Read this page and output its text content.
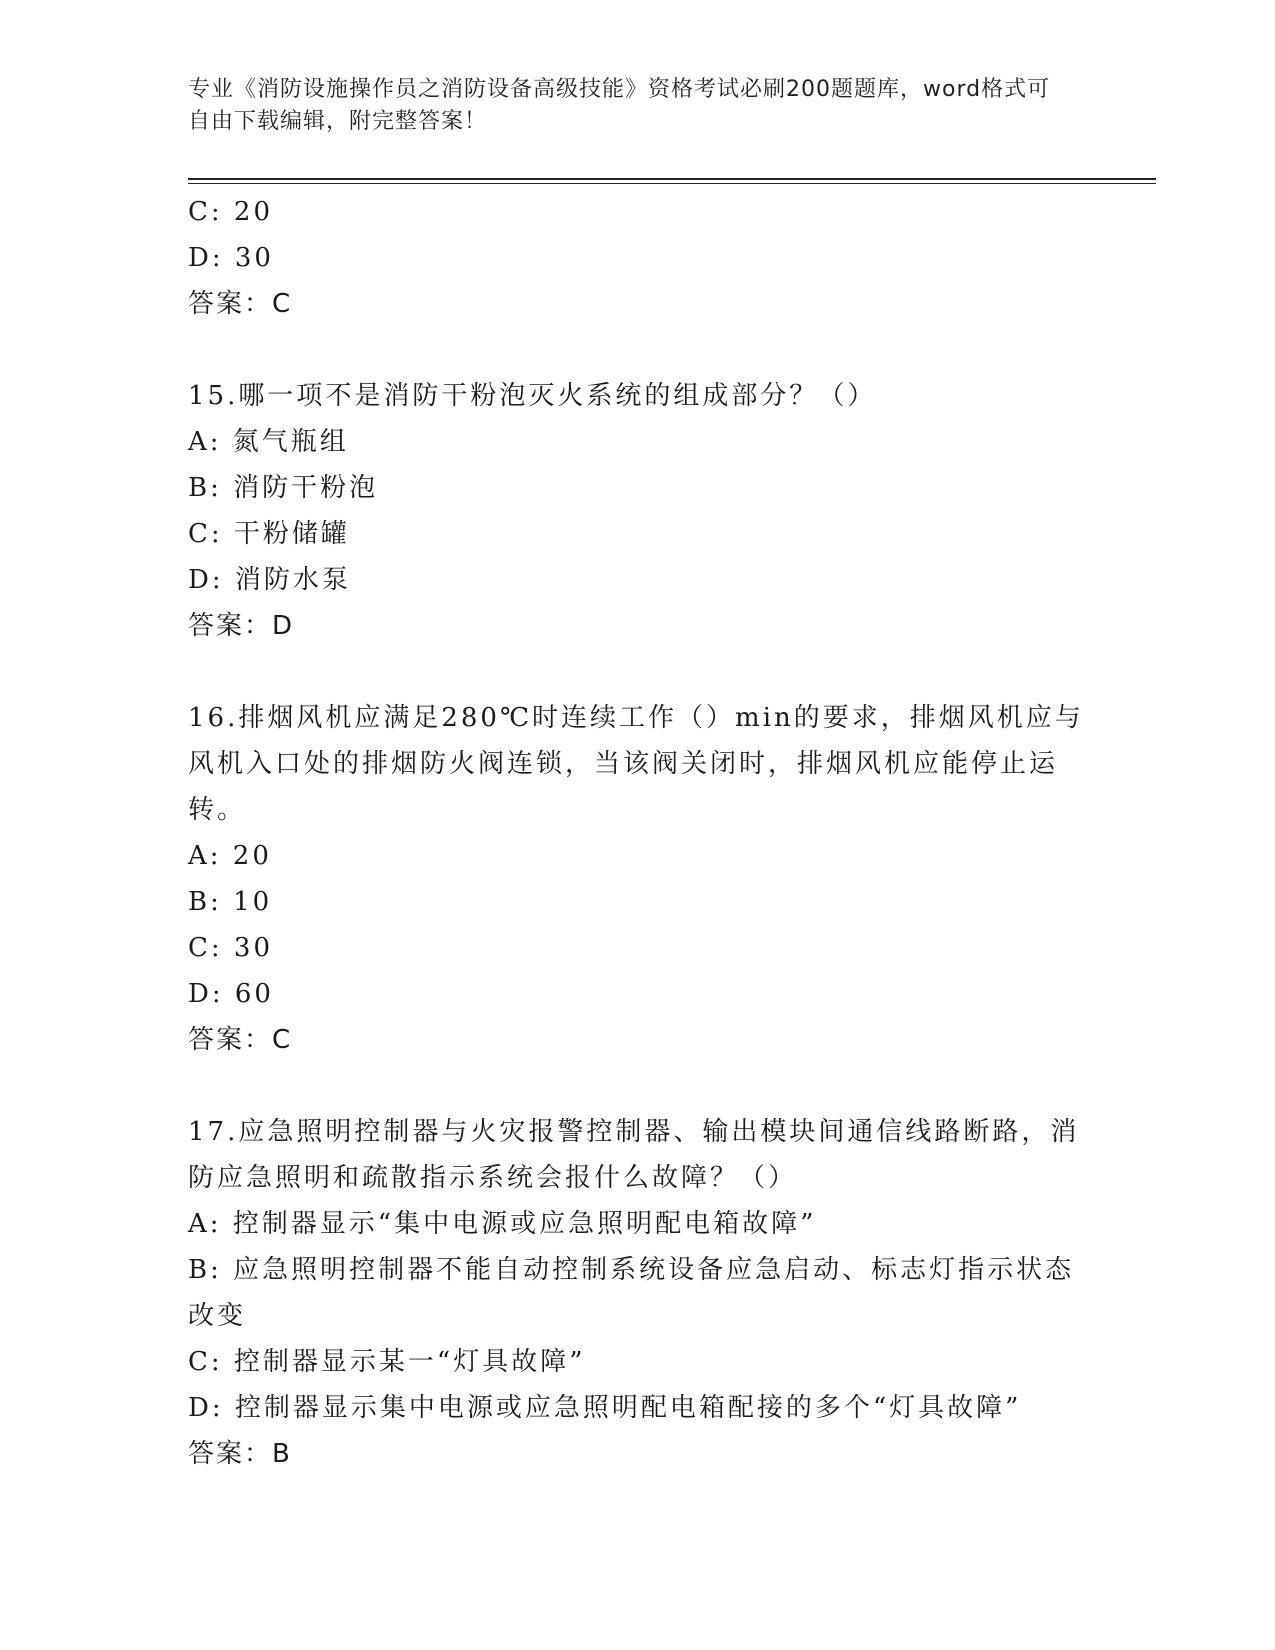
专业《消防设施操作员之消防设备高级技能》资格考试必刷200题题库，word格式可自由下载编辑，附完整答案！
C: 20
D: 30
答案：C
15.哪一项不是消防干粉泡灭火系统的组成部分？（）
A: 氮气瓶组
B: 消防干粉泡
C: 干粉储罐
D: 消防水泵
答案：D
16.排烟风机应满足280℃时连续工作（）min的要求，排烟风机应与风机入口处的排烟防火阀连锁，当该阀关闭时，排烟风机应能停止运转。
A: 20
B: 10
C: 30
D: 60
答案：C
17.应急照明控制器与火灾报警控制器、输出模块间通信线路断路，消防应急照明和疏散指示系统会报什么故障？（）
A: 控制器显示“集中电源或应急照明配电箱故障”
B: 应急照明控制器不能自动控制系统设备应急启动、标志灯指示状态改变
C: 控制器显示某一“灯具故障”
D: 控制器显示集中电源或应急照明配电箱配接的多个“灯具故障”
答案：B
